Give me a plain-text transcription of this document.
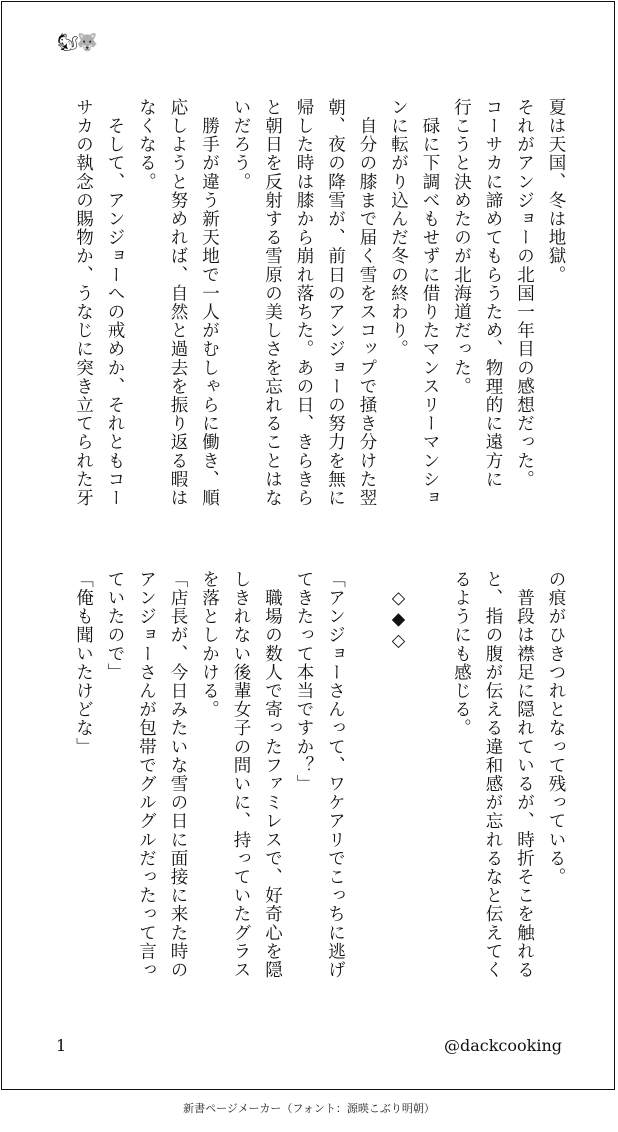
🐿🐺
夏は天国、冬は地獄。
それがアンジョーの北国一年目の感想だった。
コーサカに諦めてもらうため、物理的に遠方に
行こうと決めたのが北海道だった。
　碌に下調べもせずに借りたマンスリーマンショ
ンに転がり込んだ冬の終わり。
　自分の膝まで届く雪をスコップで掻き分けた翌
朝、夜の降雪が、前日のアンジョーの努力を無に
帰した時は膝から崩れ落ちた。あの日、きらきら
と朝日を反射する雪原の美しさを忘れることはな
いだろう。
　勝手が違う新天地で一人がむしゃらに働き、順
応しようと努めれば、自然と過去を振り返る暇は
なくなる。
　そして、アンジョーへの戒めか、それともコー
サカの執念の賜物か、うなじに突き立てられた牙
の痕がひきつれとなって残っている。
　普段は襟足に隠れているが、時折そこを触れる
と、指の腹が伝える違和感が忘れるなと伝えてく
るようにも感じる。
　◇◆◇
「アンジョーさんって、ワケアリでこっちに逃げ
てきたって本当ですか？」
　職場の数人で寄ったファミレスで、好奇心を隠
しきれない後輩女子の問いに、持っていたグラス
を落としかける。
「店長が、今日みたいな雪の日に面接に来た時の
アンジョーさんが包帯でグルグルだったって言っ
ていたので」
「俺も聞いたけどな」
1	@dackcooking
新書ページメーカー（フォント：源暎こぶり明朝）
